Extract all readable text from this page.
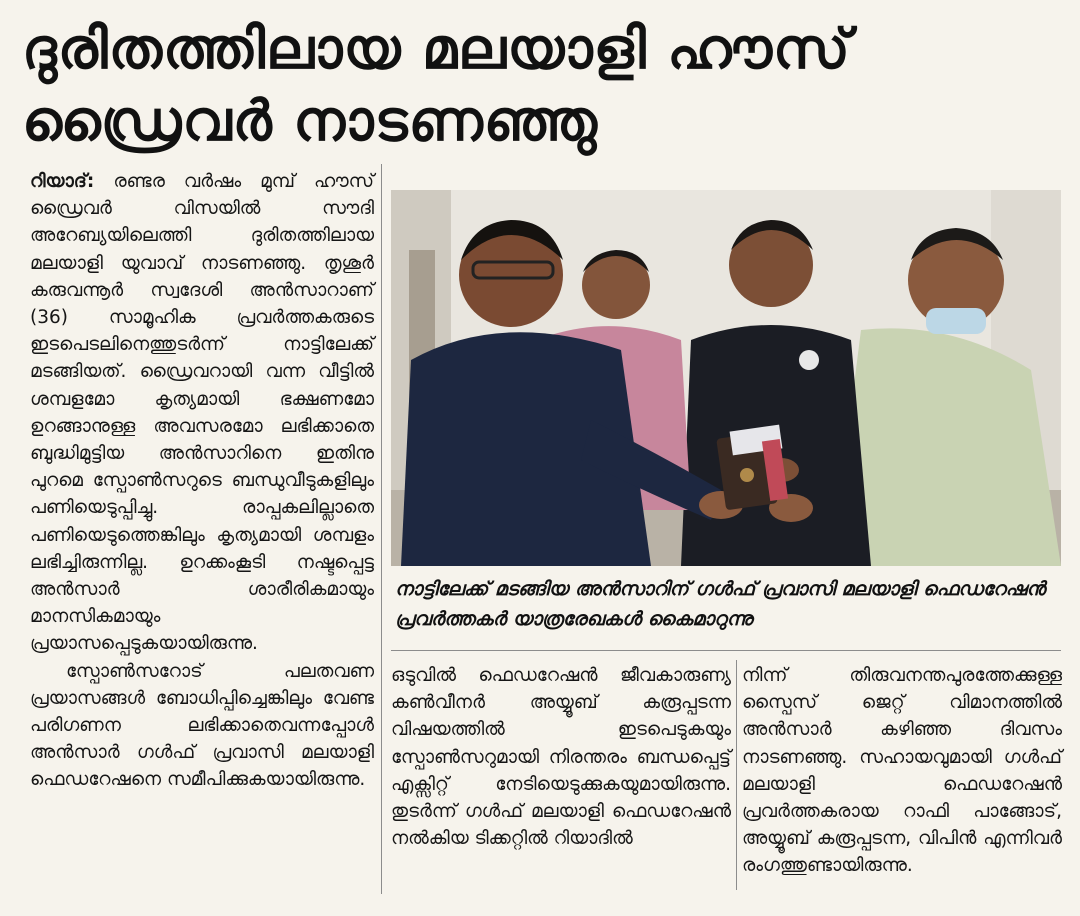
ദുരിതത്തിലായ മലയാളി ഹൗസ് ഡ്രൈവർ നാടണഞ്ഞു

റിയാദ്: രണ്ടര വർഷം മുമ്പ് ഹൗസ് ഡ്രൈവർ വിസയിൽ സൗദി അറേബ്യയിലെത്തി ദുരിതത്തിലായ മലയാളി യുവാവ് നാടണഞ്ഞു. തൃശൂർ കരുവന്നൂർ സ്വദേശി അൻസാറാണ് (36) സാമൂഹിക പ്രവർത്തകരുടെ ഇടപെടലിനെത്തുടർന്ന് നാട്ടിലേക്ക് മടങ്ങിയത്. ഡ്രൈവറായി വന്ന വീട്ടിൽ ശമ്പളമോ കൃത്യമായി ഭക്ഷണമോ ഉറങ്ങാനുള്ള അവസരമോ ലഭിക്കാതെ ബുദ്ധിമുട്ടിയ അൻസാറിനെ ഇതിനു പുറമെ സ്പോൺസറുടെ ബന്ധുവീടുകളിലും പണിയെടുപ്പിച്ചു. രാപ്പകലില്ലാതെ പണിയെടുത്തെങ്കിലും കൃത്യമായി ശമ്പളം ലഭിച്ചിരുന്നില്ല. ഉറക്കംകൂടി നഷ്ടപ്പെട്ട അൻസാർ ശാരീരികമായും മാനസികമായും പ്രയാസപ്പെടുകയായിരുന്നു.

സ്പോൺസറോട് പലതവണ പ്രയാസങ്ങൾ ബോധിപ്പിച്ചെങ്കിലും വേണ്ട പരിഗണന ലഭിക്കാതെവന്നപ്പോൾ അൻസാർ ഗൾഫ് പ്രവാസി മലയാളി ഫെഡറേഷനെ സമീപിക്കുകയായിരുന്നു.

നാട്ടിലേക്ക് മടങ്ങിയ അൻസാറിന് ഗൾഫ് പ്രവാസി മലയാളി ഫെഡറേഷൻ പ്രവർത്തകർ യാത്രരേഖകൾ കൈമാറുന്നു
ഒടുവിൽ ഫെഡറേഷൻ ജീവകാരുണ്യ കൺവീനർ അയ്യൂബ് കരൂപ്പടന്ന വിഷയത്തിൽ ഇടപെടുകയും സ്പോൺസറുമായി നിരന്തരം ബന്ധപ്പെട്ട് എക്സിറ്റ് നേടിയെടുക്കുകയുമായിരുന്നു. തുടർന്ന് ഗൾഫ് മലയാളി ഫെഡറേഷൻ നൽകിയ ടിക്കറ്റിൽ റിയാദിൽ
നിന്ന് തിരുവനന്തപുരത്തേക്കുള്ള സ്പൈസ് ജെറ്റ് വിമാനത്തിൽ അൻസാർ കഴിഞ്ഞ ദിവസം നാടണഞ്ഞു. സഹായവുമായി ഗൾഫ് മലയാളി ഫെഡറേഷൻ പ്രവർത്തകരായ റാഫി പാങ്ങോട്, അയ്യൂബ് കരൂപ്പടന്ന, വിപിൻ എന്നിവർ രംഗത്തുണ്ടായിരുന്നു.
